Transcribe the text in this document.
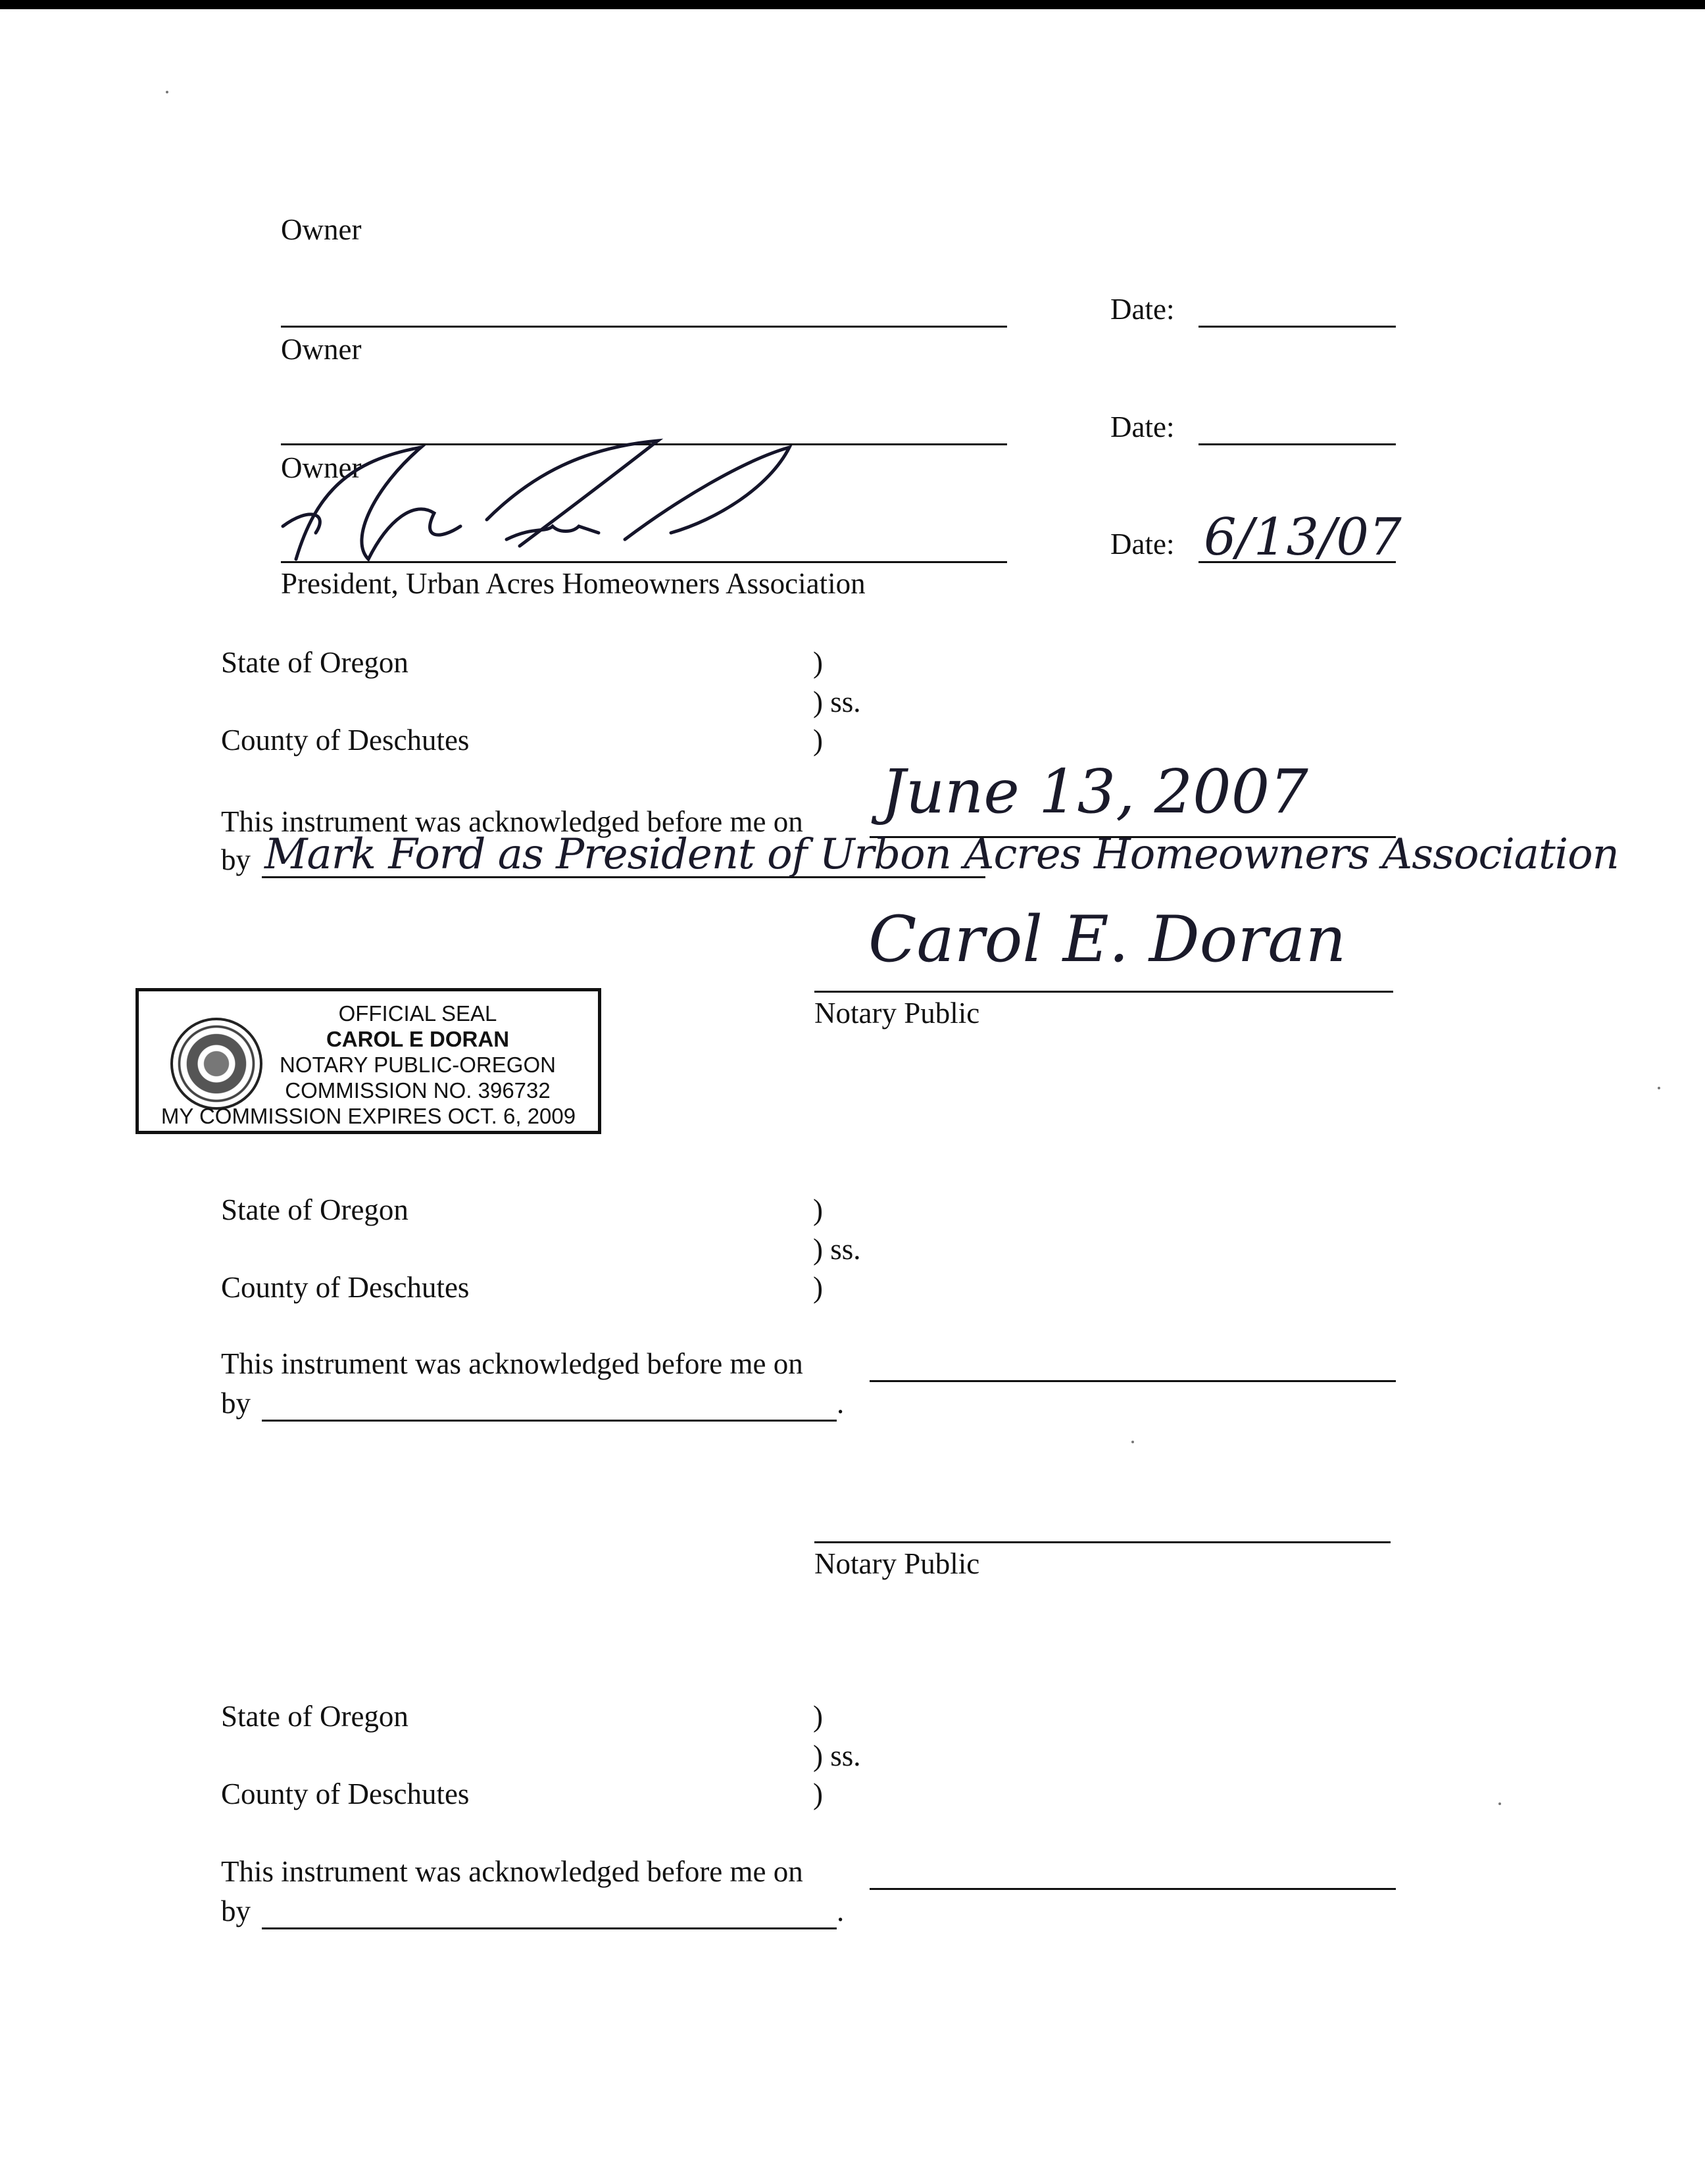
Owner
Owner
Date:
Owner
Date:
President, Urban Acres Homeowners Association
Date: 6/13/07
State of Oregon	)
) ss.
County of Deschutes	)
This instrument was acknowledged before me on June 13, 2007
by Mark Ford as President of Urbon Acres Homeowners Association
Carol E. Doran
Notary Public
OFFICIAL SEAL
CAROL E DORAN
NOTARY PUBLIC-OREGON
COMMISSION NO. 396732
MY COMMISSION EXPIRES OCT. 6, 2009
State of Oregon	)
) ss.
County of Deschutes	)
This instrument was acknowledged before me on
by	.
Notary Public
State of Oregon	)
) ss.
County of Deschutes	)
This instrument was acknowledged before me on
by	.
